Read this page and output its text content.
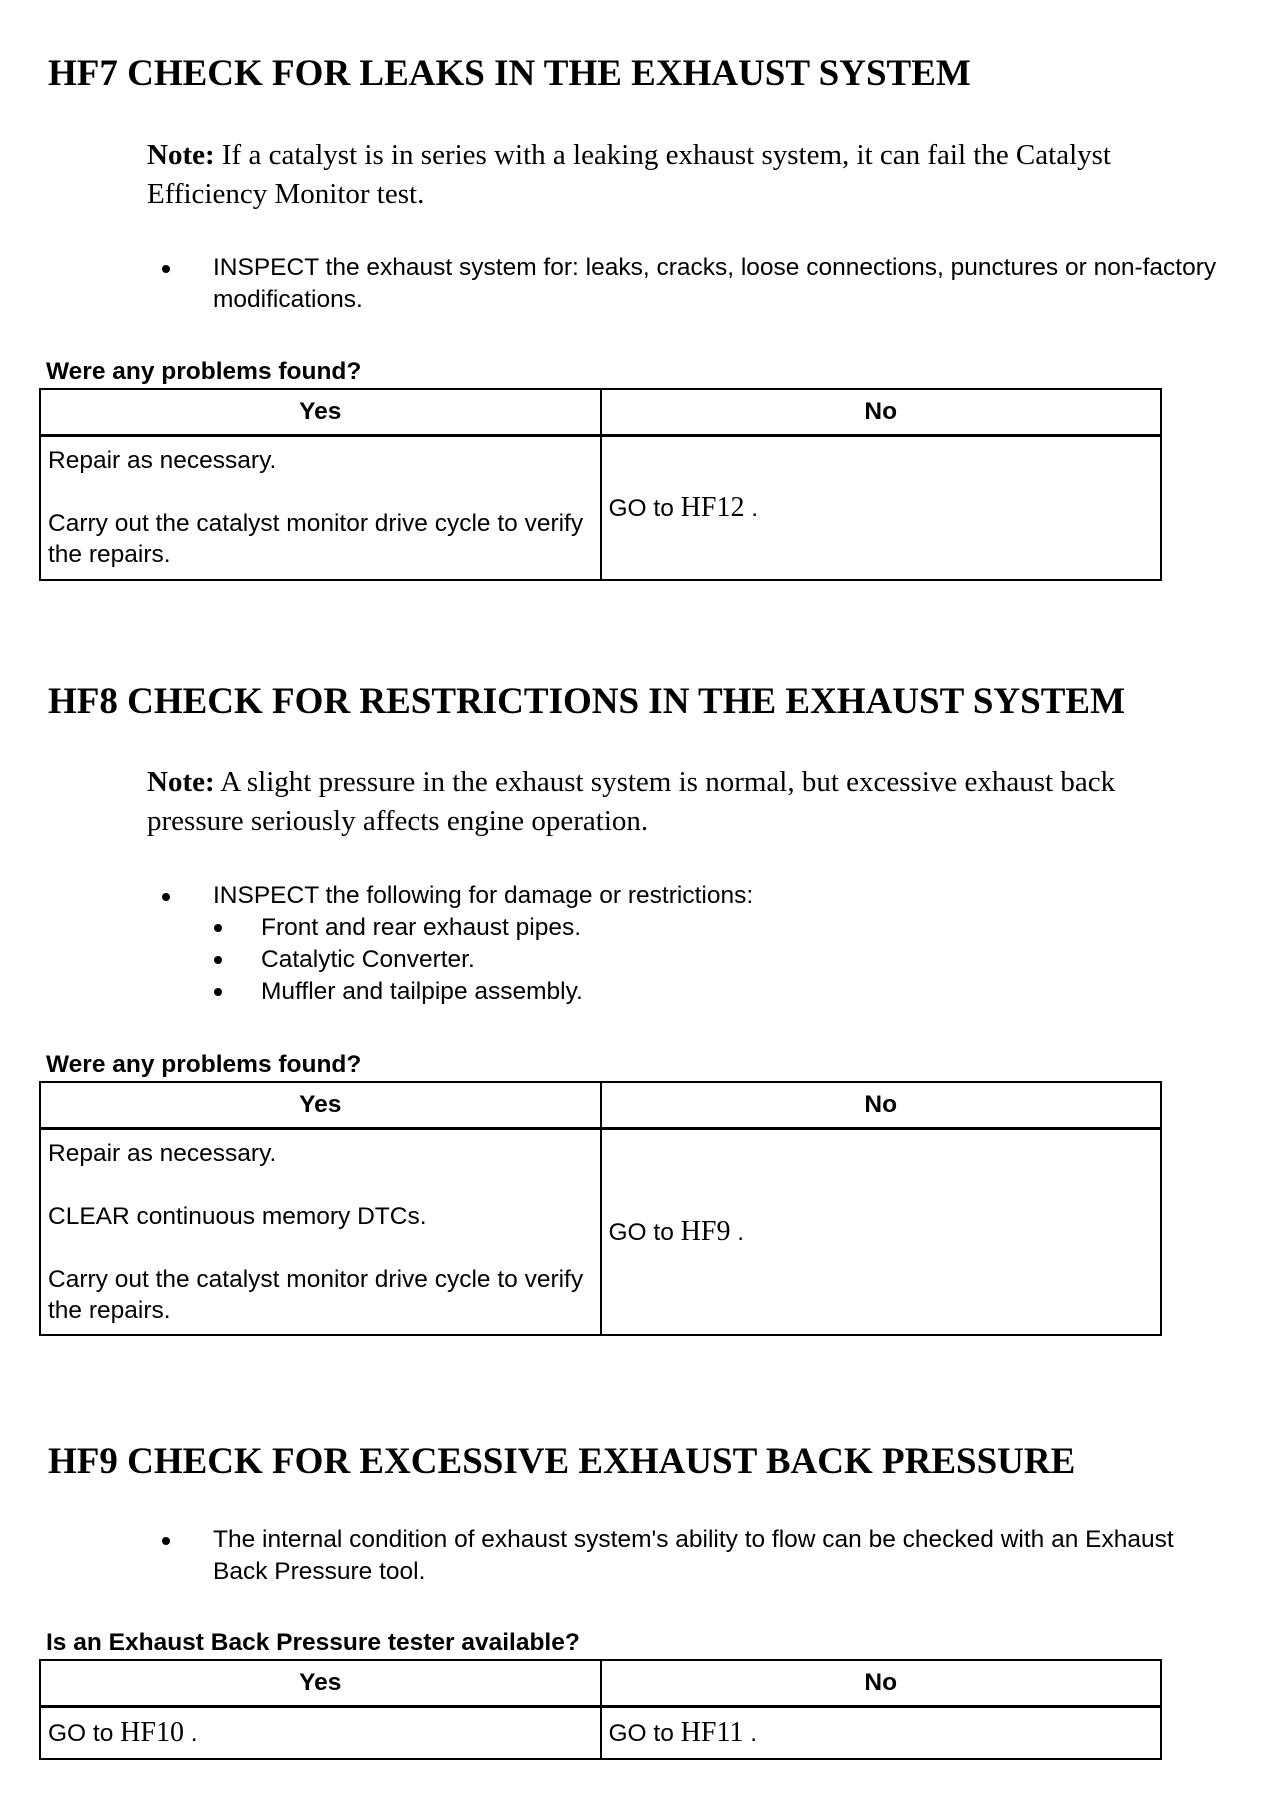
HF7 CHECK FOR LEAKS IN THE EXHAUST SYSTEM

Note: If a catalyst is in series with a leaking exhaust system, it can fail the Catalyst Efficiency Monitor test.

INSPECT the exhaust system for: leaks, cracks, loose connections, punctures or non-factory modifications.

Were any problems found?

Yes	No

Repair as necessary.

Carry out the catalyst monitor drive cycle to verify the repairs.	GO to HF12 .
HF8 CHECK FOR RESTRICTIONS IN THE EXHAUST SYSTEM

Note: A slight pressure in the exhaust system is normal, but excessive exhaust back pressure seriously affects engine operation.

INSPECT the following for damage or restrictions:
Front and rear exhaust pipes.
Catalytic Converter.
Muffler and tailpipe assembly.

Were any problems found?

Yes	No

Repair as necessary.

CLEAR continuous memory DTCs.

Carry out the catalyst monitor drive cycle to verify the repairs.	GO to HF9 .
HF9 CHECK FOR EXCESSIVE EXHAUST BACK PRESSURE
The internal condition of exhaust system's ability to flow can be checked with an Exhaust Back Pressure tool.

Is an Exhaust Back Pressure tester available?

Yes	No
GO to HF10 .	GO to HF11 .
